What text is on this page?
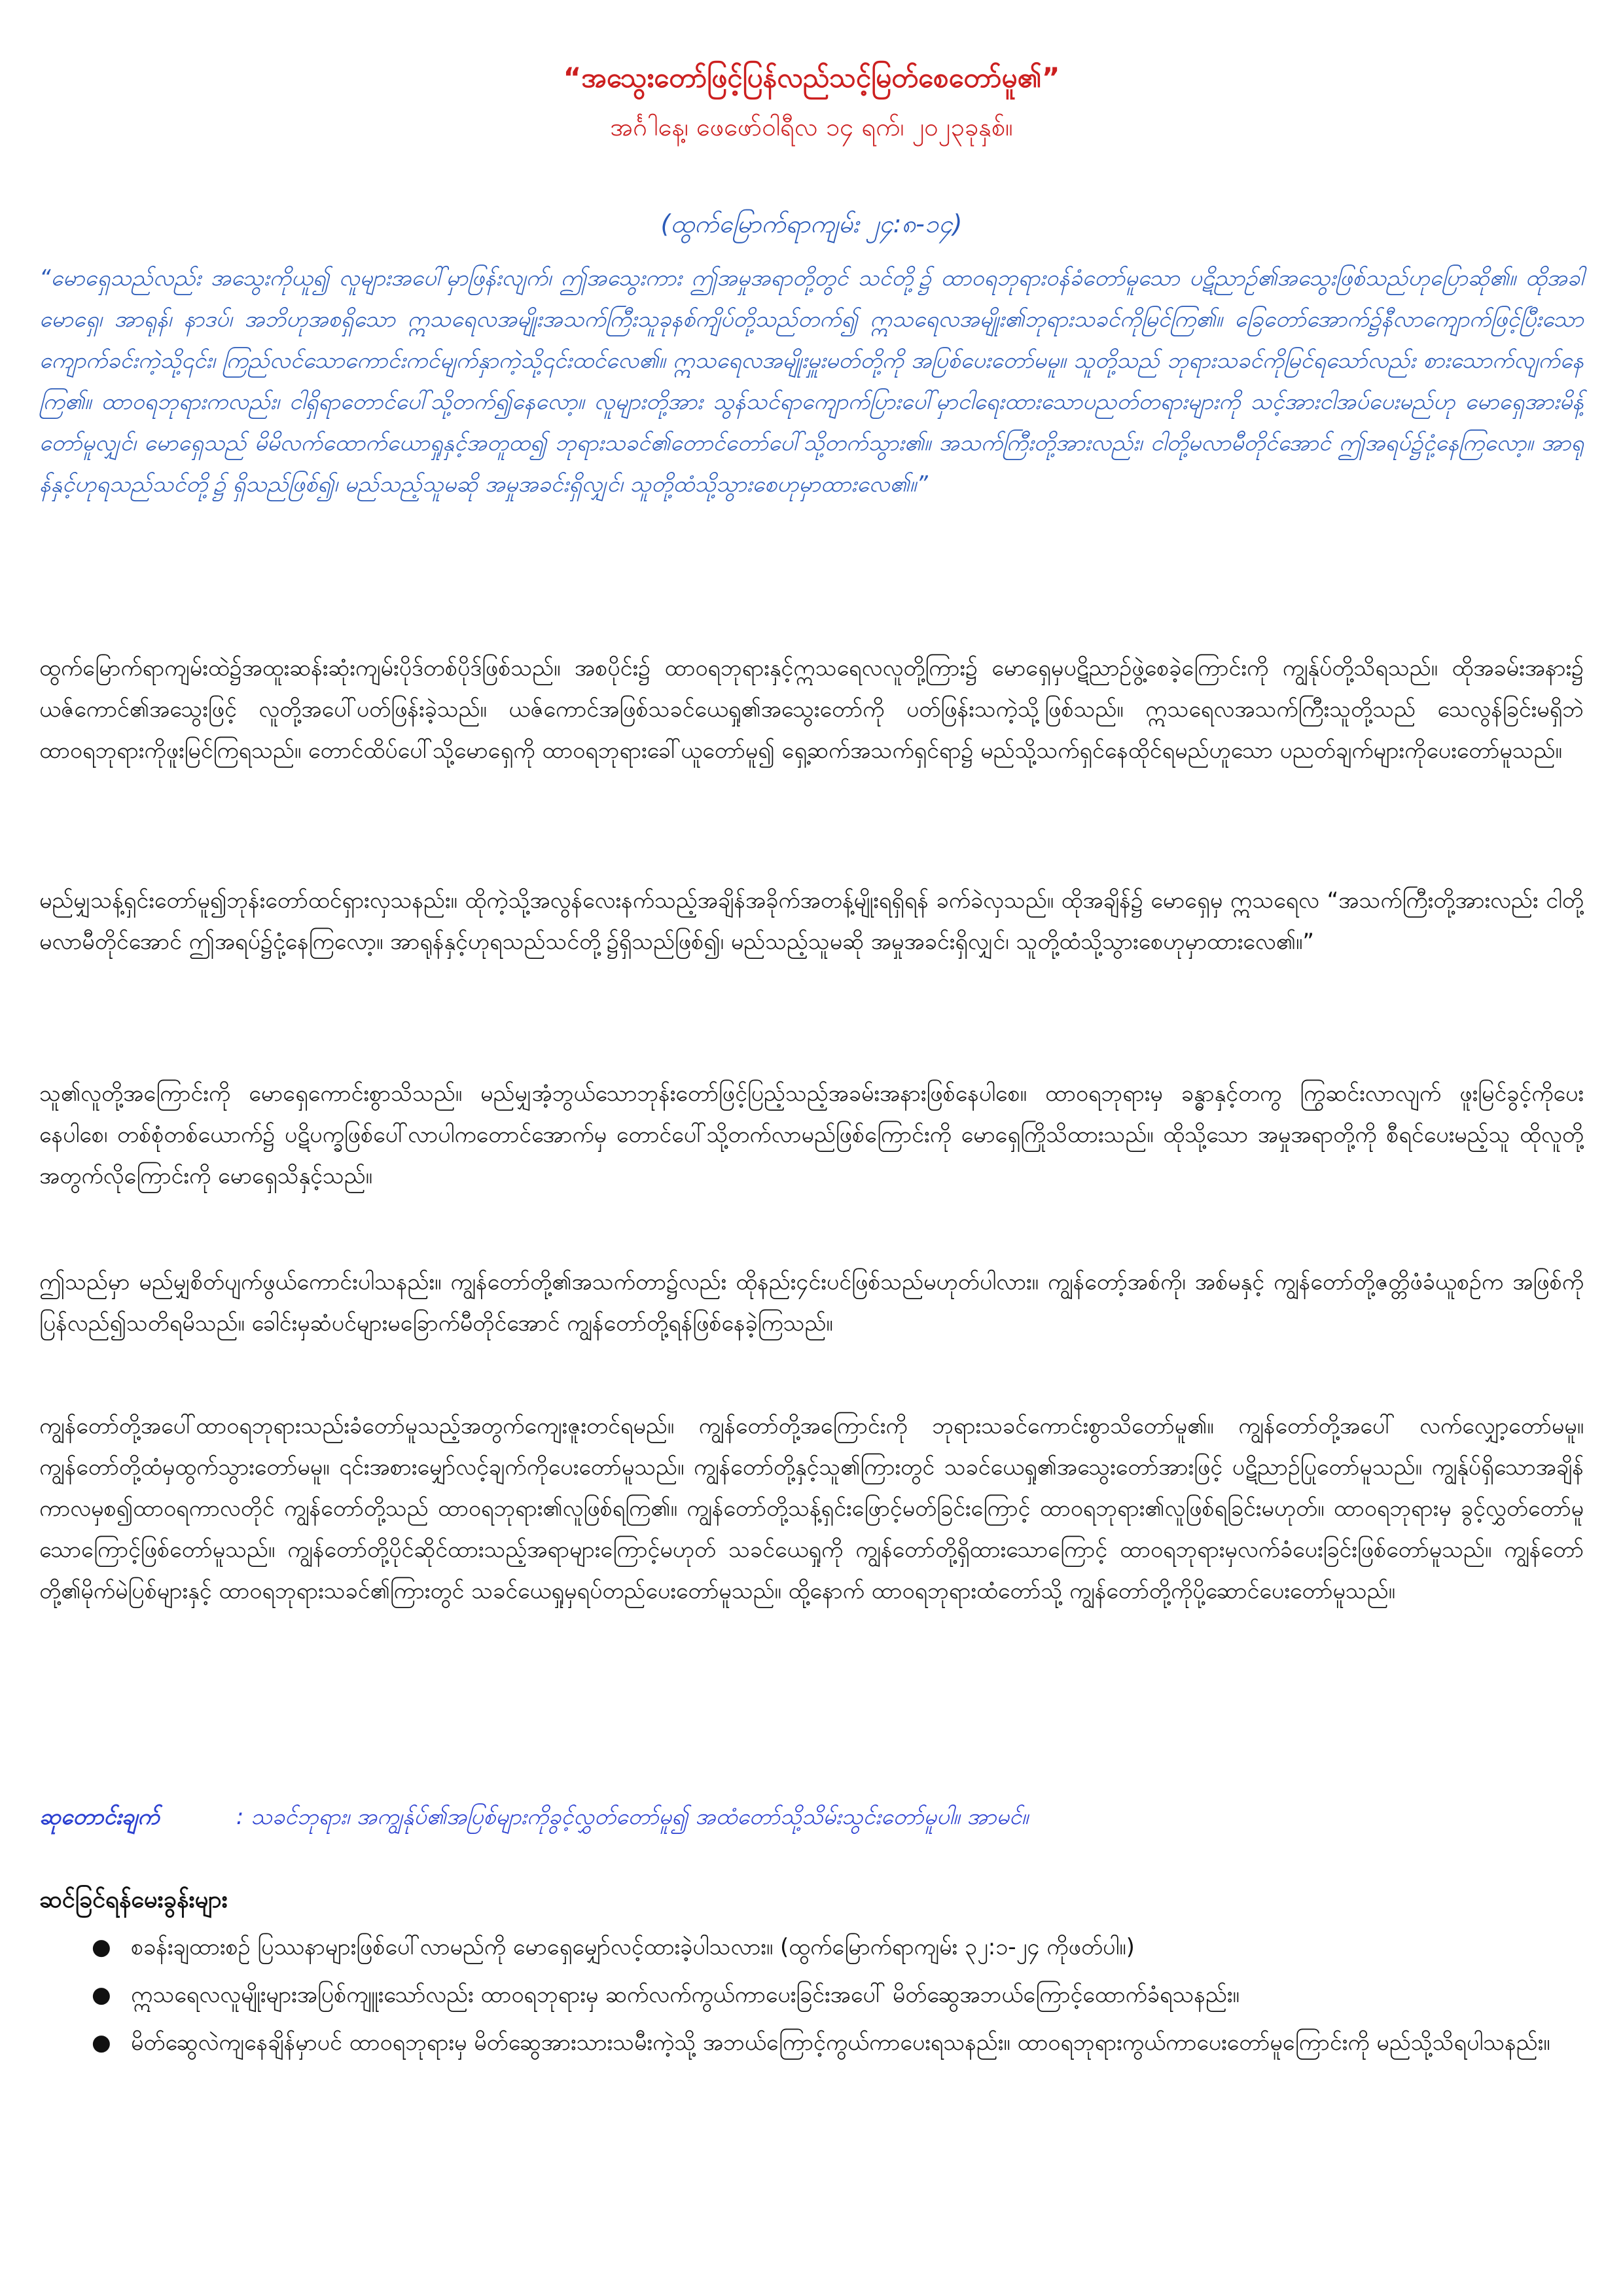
“အသွေးတော်ဖြင့်ပြန်လည်သင့်မြတ်စေတော်မူ၏”
အင်္ဂါနေ့၊ ဖေဖော်ဝါရီလ ၁၄ ရက်၊ ၂၀၂၃ခုနှစ်။
(ထွက်မြောက်ရာကျမ်း ၂၄:၈-၁၄)

“မောရှေသည်လည်း အသွေးကိုယူ၍ လူများအပေါ်မှာဖြန်းလျက်၊ ဤအသွေးကား ဤအမှုအရာတို့တွင် သင်တို့၌ ထာဝရဘုရားဝန်ခံတော်မူသော ပဋိညာဉ်၏အသွေးဖြစ်သည်ဟုပြောဆို၏။ ထိုအခါ မောရှေ၊ အာရုန်၊ နာဒပ်၊ အဘိဟုအစရှိသော ဣသရေလအမျိုးအသက်ကြီးသူခုနစ်ကျိပ်တို့သည်တက်၍ ဣသရေလအမျိုး၏ဘုရားသခင်ကိုမြင်ကြ၏။ ခြေတော်အောက်၌နီလာကျောက်ဖြင့်ပြီးသောကျောက်ခင်းကဲ့သို့၎င်း၊ ကြည်လင်သောကောင်းကင်မျက်နှာကဲ့သို့၎င်းထင်လေ၏။ ဣသရေလအမျိုးမှူးမတ်တို့ကို အပြစ်ပေးတော်မမူ။ သူတို့သည် ဘုရားသခင်ကိုမြင်ရသော်လည်း စားသောက်လျက်နေကြ၏။ ထာဝရဘုရားကလည်း၊ ငါရှိရာတောင်ပေါ်သို့တက်၍နေလော့။ လူများတို့အား သွန်သင်ရာကျောက်ပြားပေါ်မှာငါရေးထားသောပညတ်တရားများကို သင့်အားငါအပ်ပေးမည်ဟု မောရှေအားမိန့်တော်မူလျှင်၊ မောရှေသည် မိမိလက်ထောက်ယောရှုနှင့်အတူထ၍ ဘုရားသခင်၏တောင်တော်ပေါ်သို့တက်သွား၏။ အသက်ကြီးတို့အားလည်း၊ ငါတို့မလာမီတိုင်အောင် ဤအရပ်၌ငုံ့နေကြလော့။ အာရုန်နှင့်ဟုရသည်သင်တို့၌ ရှိသည်ဖြစ်၍၊ မည်သည့်သူမဆို အမှုအခင်းရှိလျှင်၊ သူတို့ထံသို့သွားစေဟုမှာထားလေ၏။”

ထွက်မြောက်ရာကျမ်းထဲ၌အထူးဆန်းဆုံးကျမ်းပိုဒ်တစ်ပိုဒ်ဖြစ်သည်။ အစပိုင်း၌ ထာဝရဘုရားနှင့်ဣသရေလလူတို့ကြား၌ မောရှေမှပဋိညာဉ်ဖွဲ့စေခဲ့ကြောင်းကို ကျွန်ုပ်တို့သိရသည်။ ထိုအခမ်းအနား၌ ယဇ်ကောင်၏အသွေးဖြင့် လူတို့အပေါ်ပတ်ဖြန်းခဲ့သည်။ ယဇ်ကောင်အဖြစ်သခင်ယေရှု၏အသွေးတော်ကို ပတ်ဖြန်းသကဲ့သို့ဖြစ်သည်။ ဣသရေလအသက်ကြီးသူတို့သည် သေလွန်ခြင်းမရှိဘဲထာဝရဘုရားကိုဖူးမြင်ကြရသည်။ တောင်ထိပ်ပေါ်သို့မောရှေကို ထာဝရဘုရားခေါ်ယူတော်မူ၍ ရှေ့ဆက်အသက်ရှင်ရာ၌ မည်သို့သက်ရှင်နေထိုင်ရမည်ဟူသော ပညတ်ချက်များကိုပေးတော်မူသည်။

မည်မျှသန့်ရှင်းတော်မူ၍ဘုန်းတော်ထင်ရှားလှသနည်း။ ထိုကဲ့သို့အလွန်လေးနက်သည့်အချိန်အခိုက်အတန့်မျိုးရရှိရန် ခက်ခဲလှသည်။ ထိုအချိန်၌ မောရှေမှ ဣသရေလ “အသက်ကြီးတို့အားလည်း ငါတို့မလာမီတိုင်အောင် ဤအရပ်၌ငုံ့နေကြလော့။ အာရုန်နှင့်ဟုရသည်သင်တို့၌ရှိသည်ဖြစ်၍၊ မည်သည့်သူမဆို အမှုအခင်းရှိလျှင်၊ သူတို့ထံသို့သွားစေဟုမှာထားလေ၏။”

သူ၏လူတို့အကြောင်းကို မောရှေကောင်းစွာသိသည်။ မည်မျှအံ့ဘွယ်သောဘုန်းတော်ဖြင့်ပြည့်သည့်အခမ်းအနားဖြစ်နေပါစေ။ ထာဝရဘုရားမှ ခန္ဓာနှင့်တကွ ကြွဆင်းလာလျက် ဖူးမြင်ခွင့်ကိုပေးနေပါစေ၊ တစ်စုံတစ်ယောက်၌ ပဋိပက္ခဖြစ်ပေါ်လာပါကတောင်အောက်မှ တောင်ပေါ်သို့တက်လာမည်ဖြစ်ကြောင်းကို မောရှေကြိုသိထားသည်။ ထိုသို့သော အမှုအရာတို့ကို စီရင်ပေးမည့်သူ ထိုလူတို့အတွက်လိုကြောင်းကို မောရှေသိနှင့်သည်။

ဤသည်မှာ မည်မျှစိတ်ပျက်ဖွယ်ကောင်းပါသနည်း။ ကျွန်တော်တို့၏အသက်တာ၌လည်း ထိုနည်း၄င်းပင်ဖြစ်သည်မဟုတ်ပါလား။ ကျွန်တော့်အစ်ကို၊ အစ်မနှင့် ကျွန်တော်တို့ဇတ္တိဖံခံယူစဉ်က အဖြစ်ကိုပြန်လည်၍သတိရမိသည်။ ခေါင်းမှဆံပင်များမခြောက်မီတိုင်အောင် ကျွန်တော်တို့ရန်ဖြစ်နေခဲ့ကြသည်။

ကျွန်တော်တို့အပေါ်ထာဝရဘုရားသည်းခံတော်မူသည့်အတွက်ကျေးဇူးတင်ရမည်။ ကျွန်တော်တို့အကြောင်းကို ဘုရားသခင်ကောင်းစွာသိတော်မူ၏။ ကျွန်တော်တို့အပေါ် လက်လျှော့တော်မမူ။ ကျွန်တော်တို့ထံမှထွက်သွားတော်မမူ။ ၎င်းအစားမျှော်လင့်ချက်ကိုပေးတော်မူသည်။ ကျွန်တော်တို့နှင့်သူ၏ကြားတွင် သခင်ယေရှု၏အသွေးတော်အားဖြင့် ပဋိညာဉ်ပြုတော်မူသည်။ ကျွန်ုပ်ရှိသောအချိန်ကာလမှစ၍ထာဝရကာလတိုင် ကျွန်တော်တို့သည် ထာဝရဘုရား၏လူဖြစ်ရကြ၏။ ကျွန်တော်တို့သန့်ရှင်းဖြောင့်မတ်ခြင်းကြောင့် ထာဝရဘုရား၏လူဖြစ်ရခြင်းမဟုတ်။ ထာဝရဘုရားမှ ခွင့်လွှတ်တော်မူသောကြောင့်ဖြစ်တော်မူသည်။ ကျွန်တော်တို့ပိုင်ဆိုင်ထားသည့်အရာများကြောင့်မဟုတ် သခင်ယေရှုကို ကျွန်တော်တို့ရှိထားသောကြောင့် ထာဝရဘုရားမှလက်ခံပေးခြင်းဖြစ်တော်မူသည်။ ကျွန်တော်တို့၏မိုက်မဲပြစ်များနှင့် ထာဝရဘုရားသခင်၏ကြားတွင် သခင်ယေရှုမှရပ်တည်ပေးတော်မူသည်။ ထို့နောက် ထာဝရဘုရားထံတော်သို့ ကျွန်တော်တို့ကိုပို့ဆောင်ပေးတော်မူသည်။

ဆုတောင်းချက်	: သခင်ဘုရား၊ အကျွန်ုပ်၏အပြစ်များကိုခွင့်လွှတ်တော်မူ၍ အထံတော်သို့သိမ်းသွင်းတော်မူပါ။ အာမင်။
ဆင်ခြင်ရန်မေးခွန်းများ
● စခန်းချထားစဉ် ပြဿနာများဖြစ်ပေါ်လာမည်ကို မောရှေမျှော်လင့်ထားခဲ့ပါသလား။ (ထွက်မြောက်ရာကျမ်း ၃၂:၁-၂၄ ကိုဖတ်ပါ။)
● ဣသရေလလူမျိုးများအပြစ်ကျူးသော်လည်း ထာဝရဘုရားမှ ဆက်လက်ကွယ်ကာပေးခြင်းအပေါ် မိတ်ဆွေအဘယ်ကြောင့်ထောက်ခံရသနည်း။
● မိတ်ဆွေလဲကျနေချိန်မှာပင် ထာဝရဘုရားမှ မိတ်ဆွေအားသားသမီးကဲ့သို့ အဘယ်ကြောင့်ကွယ်ကာပေးရသနည်း။ ထာဝရဘုရားကွယ်ကာပေးတော်မူကြောင်းကို မည်သို့သိရပါသနည်း။
